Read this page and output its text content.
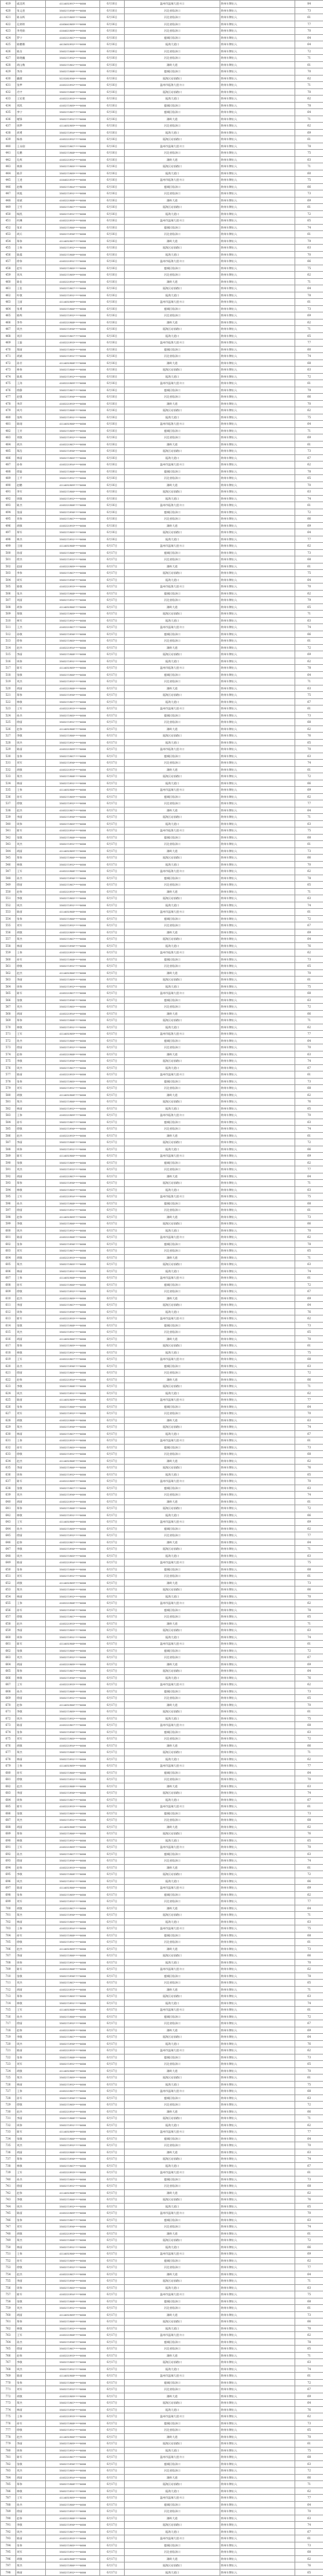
419	戚羽鸿	4114031997****0000	6月16日	温州市温瑞大道卡口	跨州车牌出入	84
420	张文进	3303271998****0000	6月16日	河北省临泽口	跨州车牌出入	73
421	陈永辉	4113271989****0000	6月16日	河北省临泽口	跨州车牌出入	61
422	孔婷婷	4103041989****0000	6月16日	河北省临泽口	跨州车牌出入	77
423	李秀娟	4104021989****0000	6月16日	河北省临泽口	跨州车牌出入	70
424	罗宁	4103221987****0000	6月16日	鹿城区临泽口	跨州车牌出入	64
425	陈鹏娜	4415031992****0000	6月16日	瓯海大道口	跨州车牌出入	64
426	陈洁	3303271988****0000	6月16日	河北省临泽口	跨州车牌出入	72
427	陈晓巍	3303271992****0000	6月16日	河北省临泽口	跨州车牌出入	71
428	胡山梅	3303271981****0000	6月16日	湖岭大道	跨州车牌出入	61
429	李涛	3303271988****0000	6月16日	鹿城区临泽口	跨州车牌出入	70
430	戴健	5223281990****0000	6月16日	瓯海区站前路口	跨州车牌出入	62
431	张梦	4103221992****0000	6月16日	温州市瓯海大道卡口	跨州车牌出入	71
432	肖宇	3303271988****0000	6月16日	瓯海区站前路口	跨州车牌出入	70
433	王宏建	4103221993****0000	6月16日	瓯海大道口	跨州车牌出入	62
434	刘凯	4103271989****0000	6月16日	鹿城区临泽口	跨州车牌出入	78
435	李宁	3303271987****0000	6月16日	鹿城区临泽口	跨州车牌出入	64
436	谢锋	3303271991****0000	6月16日	湖岭大道	跨州车牌出入	71
437	周梦	4114031989****0000	6月16日	河北省临泽口	跨州车牌出入	62
438	胡勇	3303271994****0000	6月16日	瓯海大道口	跨州车牌出入	69
439	杨春	4103221992****0000	6月16日	瓯海区站前路口	跨州车牌出入	61
440	王永刚	3303271987****0000	6月16日	温州市温瑞大道卡口	跨州车牌出入	78
441	孔鹏	3303271988****0000	6月16日	河北省临泽口	跨州车牌出入	75
442	孔辉	4103221992****0000	6月16日	湖岭大道	跨州车牌出入	63
443	林源	3303271985****0000	6月16日	瓯海区站前路口	跨州车牌出入	71
444	陈萍	3303271989****0000	6月16日	瓯海大道口	跨州车牌出入	60
445	王进	4104021993****0000	6月16日	温州市瓯海大道卡口	跨州车牌出入	75
446	赵梅	3303271984****0000	6月16日	鹿城区临泽口	跨州车牌出入	66
447	周旭	3303271991****0000	6月16日	河北省临泽口	跨州车牌出入	73
448	章斌	4103221988****0000	6月16日	湖岭大道	跨州车牌出入	69
449	王雪	3303271987****0000	6月16日	瓯海区站前路口	跨州车牌出入	61
450	杨凯	3303271991****0000	6月16日	瓯海大道口	跨州车牌出入	72
451	何琳	4103221993****0000	6月16日	温州市温瑞大道卡口	跨州车牌出入	65
452	张亚	3303271986****0000	6月16日	鹿城区临泽口	跨州车牌出入	74
453	胡兵	3303271990****0000	6月16日	河北省临泽口	跨州车牌出入	61
454	郑伟	4114031987****0000	6月16日	湖岭大道	跨州车牌出入	79
455	王伟	3303271992****0000	6月16日	瓯海区站前路口	跨州车牌出入	63
456	陈露	3303271988****0000	6月16日	瓯海大道口	跨州车牌出入	70
457	徐伟	4103221991****0000	6月16日	温州市瓯海大道卡口	跨州车牌出入	66
458	赵军	3303271985****0000	6月16日	鹿城区临泽口	跨州车牌出入	75
459	刘凤	3303271989****0000	6月16日	河北省临泽口	跨州车牌出入	62
460	陈佳	4103221994****0000	6月16日	湖岭大道	跨州车牌出入	71
461	王佳	3303271987****0000	6月16日	瓯海区站前路口	跨州车牌出入	64
462	叶敏	3303271991****0000	6月16日	瓯海大道口	跨州车牌出入	78
463	王丽	4114031989****0000	6月16日	温州市温瑞大道卡口	跨州车牌出入	61
464	张勇	3303271986****0000	6月16日	鹿城区临泽口	跨州车牌出入	73
465	陈辉	3303271992****0000	6月16日	河北省临泽口	跨州车牌出入	69
466	李华	4103221988****0000	6月16日	湖岭大道	跨州车牌出入	62
467	周杰	3303271990****0000	6月16日	瓯海区站前路口	跨州车牌出入	71
468	刘洋	3303271987****0000	6月16日	瓯海大道口	跨州车牌出入	65
469	王磊	4103221993****0000	6月16日	温州市瓯海大道卡口	跨州车牌出入	77
470	郑丽	3303271985****0000	6月16日	鹿城区临泽口	跨州车牌出入	60
471	胡斌	3303271991****0000	6月16日	河北省临泽口	跨州车牌出入	74
472	孙芳	4114031988****0000	6月16日	湖岭大道	跨州车牌出入	68
473	林伟	3303271986****0000	6月16日	瓯海区站前路口	跨州车牌出入	63
474	陈燕	3303271992****0000	6月16日	瓯海大道口	跨州车牌出入	72
475	王涛	4103221989****0000	6月16日	温州市温瑞大道卡口	跨州车牌出入	61
476	徐静	3303271987****0000	6月16日	鹿城区临泽口	跨州车牌出入	79
477	赵强	3303271990****0000	6月16日	河北省临泽口	跨州车牌出入	66
478	李萍	4103221993****0000	6月16日	湖岭大道	跨州车牌出入	70
479	周丹	3303271988****0000	6月16日	瓯海区站前路口	跨州车牌出入	62
480	张辉	3303271991****0000	6月16日	瓯海大道口	跨州车牌出入	75
481	陈刚	4114031986****0000	6月16日	温州市瓯海大道卡口	跨州车牌出入	64
482	王芳	3303271989****0000	6月16日	鹿城区临泽口	跨州车牌出入	71
483	刘敏	3303271992****0000	6月16日	河北省临泽口	跨州车牌出入	69
484	胡杰	4103221987****0000	6月16日	湖岭大道	跨州车牌出入	61
485	郑浩	3303271990****0000	6月16日	瓯海区站前路口	跨州车牌出入	73
486	林丽	3303271985****0000	6月16日	瓯海大道口	跨州车牌出入	67
487	孙伟	4103221994****0000	6月16日	温州市温瑞大道卡口	跨州车牌出入	62
488	徐磊	3303271988****0000	6月16日	鹿城区临泽口	跨州车牌出入	78
489	王平	3303271991****0000	6月16日	河北省临泽口	跨州车牌出入	65
490	赵鹏	4114031989****0000	6月16日	湖岭大道	跨州车牌出入	70
491	李军	3303271986****0000	6月16日	瓯海区站前路口	跨州车牌出入	63
492	周敏	3303271992****0000	6月16日	瓯海大道口	跨州车牌出入	74
493	陈杰	4103221988****0000	6月16日	温州市瓯海大道卡口	跨州车牌出入	61
494	张丽	3303271990****0000	6月16日	鹿城区临泽口	跨州车牌出入	72
495	刘伟	3303271987****0000	6月16日	河北省临泽口	跨州车牌出入	66
496	胡敏	4103221993****0000	6月16日	湖岭大道	跨州车牌出入	69
497	郑军	3303271985****0000	6月16日	瓯海区站前路口	跨州车牌出入	64
498	林杰	3303271991****0000	6月16日	瓯海大道口	跨州车牌出入	77
499	王刚	4114031988****0000	6月17日	温州市温瑞大道卡口	跨州车牌出入	62
500	孙丽	3303271986****0000	6月17日	鹿城区临泽口	跨州车牌出入	73
501	徐杰	3303271992****0000	6月17日	河北省临泽口	跨州车牌出入	68
502	赵丽	4103221989****0000	6月17日	湖岭大道	跨州车牌出入	61
503	李伟	3303271987****0000	6月17日	瓯海区站前路口	跨州车牌出入	75
504	周军	3303271990****0000	6月17日	瓯海大道口	跨州车牌出入	64
505	陈敏	4103221993****0000	6月17日	温州市瓯海大道卡口	跨州车牌出入	70
506	张杰	3303271988****0000	6月17日	鹿城区临泽口	跨州车牌出入	62
507	刘丽	3303271991****0000	6月17日	河北省临泽口	跨州车牌出入	79
508	胡伟	4114031986****0000	6月17日	湖岭大道	跨州车牌出入	65
509	郑敏	3303271989****0000	6月17日	瓯海区站前路口	跨州车牌出入	71
510	林军	3303271992****0000	6月17日	瓯海大道口	跨州车牌出入	63
511	王杰	4103221987****0000	6月17日	温州市温瑞大道卡口	跨州车牌出入	74
512	孙敏	3303271990****0000	6月17日	鹿城区临泽口	跨州车牌出入	66
513	徐伟	3303271985****0000	6月17日	河北省临泽口	跨州车牌出入	61
514	赵杰	4103221994****0000	6月17日	湖岭大道	跨州车牌出入	72
515	李丽	3303271988****0000	6月17日	瓯海区站前路口	跨州车牌出入	69
516	周伟	3303271991****0000	6月17日	瓯海大道口	跨州车牌出入	62
517	陈军	4114031989****0000	6月17日	温州市瓯海大道卡口	跨州车牌出入	78
518	张敏	3303271986****0000	6月17日	鹿城区临泽口	跨州车牌出入	64
519	刘杰	3303271992****0000	6月17日	河北省临泽口	跨州车牌出入	71
520	胡丽	4103221988****0000	6月17日	湖岭大道	跨州车牌出入	63
521	郑伟	3303271990****0000	6月17日	瓯海区站前路口	跨州车牌出入	75
522	林敏	3303271987****0000	6月17日	瓯海大道口	跨州车牌出入	67
523	王军	4103221993****0000	6月17日	温州市温瑞大道卡口	跨州车牌出入	61
524	孙杰	3303271985****0000	6月17日	鹿城区临泽口	跨州车牌出入	73
525	徐丽	3303271991****0000	6月17日	河北省临泽口	跨州车牌出入	68
526	赵伟	4114031988****0000	6月17日	湖岭大道	跨州车牌出入	62
527	李敏	3303271986****0000	6月17日	瓯海区站前路口	跨州车牌出入	76
528	周杰	3303271992****0000	6月17日	瓯海大道口	跨州车牌出入	65
529	陈丽	4103221989****0000	6月17日	温州市瓯海大道卡口	跨州车牌出入	70
530	张伟	3303271987****0000	6月17日	鹿城区临泽口	跨州车牌出入	63
531	刘军	3303271990****0000	6月17日	河北省临泽口	跨州车牌出入	74
532	胡敏	4103221993****0000	6月17日	湖岭大道	跨州车牌出入	61
533	郑杰	3303271988****0000	6月17日	瓯海区站前路口	跨州车牌出入	72
534	林丽	3303271991****0000	6月17日	瓯海大道口	跨州车牌出入	66
535	王伟	4114031986****0000	6月17日	温州市温瑞大道卡口	跨州车牌出入	69
536	孙军	3303271989****0000	6月17日	鹿城区临泽口	跨州车牌出入	62
537	徐敏	3303271992****0000	6月17日	河北省临泽口	跨州车牌出入	77
538	赵杰	4103221987****0000	6月17日	湖岭大道	跨州车牌出入	64
539	李丽	3303271990****0000	6月17日	瓯海区站前路口	跨州车牌出入	71
540	周伟	3303271985****0000	6月17日	瓯海大道口	跨州车牌出入	63
541	陈军	4103221994****0000	6月17日	温州市瓯海大道卡口	跨州车牌出入	75
542	张敏	3303271988****0000	6月17日	鹿城区临泽口	跨州车牌出入	68
543	刘杰	3303271991****0000	6月17日	河北省临泽口	跨州车牌出入	61
544	胡丽	4114031989****0000	6月17日	湖岭大道	跨州车牌出入	73
545	郑伟	3303271986****0000	6月17日	瓯海区站前路口	跨州车牌出入	66
546	林敏	3303271992****0000	6月17日	瓯海大道口	跨州车牌出入	70
547	王军	4103221988****0000	6月17日	温州市瓯海大道卡口	跨州车牌出入	62
548	孙杰	3303271990****0000	6月17日	鹿城区临泽口	跨州车牌出入	78
549	徐丽	3303271987****0000	6月17日	河北省临泽口	跨州车牌出入	65
550	赵伟	4103221993****0000	6月17日	湖岭大道	跨州车牌出入	71
551	李敏	3303271985****0000	6月17日	瓯海区站前路口	跨州车牌出入	63
552	周杰	3303271991****0000	6月17日	瓯海大道口	跨州车牌出入	74
553	陈丽	4114031988****0000	6月17日	温州市温瑞大道卡口	跨州车牌出入	61
554	张伟	3303271986****0000	6月17日	鹿城区临泽口	跨州车牌出入	72
555	刘军	3303271992****0000	6月17日	河北省临泽口	跨州车牌出入	67
556	胡敏	4103221989****0000	6月17日	湖岭大道	跨州车牌出入	69
557	郑杰	3303271987****0000	6月17日	瓯海区站前路口	跨州车牌出入	64
558	林丽	3303271990****0000	6月17日	瓯海大道口	跨州车牌出入	76
559	王伟	4103221993****0000	6月17日	温州市瓯海大道卡口	跨州车牌出入	62
560	孙军	3303271988****0000	6月17日	鹿城区临泽口	跨州车牌出入	73
561	徐敏	3303271991****0000	6月17日	河北省临泽口	跨州车牌出入	65
562	赵杰	4114031986****0000	6月17日	湖岭大道	跨州车牌出入	70
563	李丽	3303271989****0000	6月17日	瓯海区站前路口	跨州车牌出入	61
564	周伟	3303271992****0000	6月17日	瓯海大道口	跨州车牌出入	75
565	陈军	4103221987****0000	6月17日	温州市温瑞大道卡口	跨州车牌出入	68
566	张敏	3303271990****0000	6月17日	鹿城区临泽口	跨州车牌出入	63
567	刘杰	3303271985****0000	6月17日	河北省临泽口	跨州车牌出入	72
568	胡丽	4103221994****0000	6月17日	湖岭大道	跨州车牌出入	66
569	郑伟	3303271988****0000	6月17日	瓯海区站前路口	跨州车牌出入	71
570	林敏	3303271991****0000	6月17日	瓯海大道口	跨州车牌出入	62
571	王军	4114031989****0000	6月17日	温州市瓯海大道卡口	跨州车牌出入	77
572	孙杰	3303271986****0000	6月17日	鹿城区临泽口	跨州车牌出入	64
573	徐丽	3303271992****0000	6月17日	河北省临泽口	跨州车牌出入	70
574	赵伟	4103221988****0000	6月17日	湖岭大道	跨州车牌出入	63
575	李敏	3303271990****0000	6月17日	瓯海区站前路口	跨州车牌出入	74
576	周杰	3303271987****0000	6月17日	瓯海大道口	跨州车牌出入	67
577	陈丽	4103221993****0000	6月17日	温州市温瑞大道卡口	跨州车牌出入	61
578	张伟	3303271985****0000	6月17日	鹿城区临泽口	跨州车牌出入	73
579	刘军	3303271991****0000	6月17日	河北省临泽口	跨州车牌出入	68
580	胡敏	4114031988****0000	6月17日	湖岭大道	跨州车牌出入	62
581	郑杰	3303271986****0000	6月17日	瓯海区站前路口	跨州车牌出入	76
582	林丽	3303271992****0000	6月17日	瓯海大道口	跨州车牌出入	65
583	王伟	4103221989****0000	6月17日	温州市瓯海大道卡口	跨州车牌出入	70
584	孙军	3303271987****0000	6月17日	鹿城区临泽口	跨州车牌出入	63
585	徐敏	3303271990****0000	6月17日	河北省临泽口	跨州车牌出入	74
586	赵杰	4103221993****0000	6月17日	湖岭大道	跨州车牌出入	61
587	李丽	3303271988****0000	6月17日	瓯海区站前路口	跨州车牌出入	72
588	周伟	3303271991****0000	6月17日	瓯海大道口	跨州车牌出入	66
589	陈军	4114031986****0000	6月17日	温州市温瑞大道卡口	跨州车牌出入	69
590	张敏	3303271989****0000	6月17日	鹿城区临泽口	跨州车牌出入	62
591	刘杰	3303271992****0000	6月17日	河北省临泽口	跨州车牌出入	77
592	胡丽	4103221987****0000	6月17日	湖岭大道	跨州车牌出入	64
593	郑伟	3303271990****0000	6月17日	瓯海区站前路口	跨州车牌出入	71
594	林敏	3303271985****0000	6月17日	瓯海大道口	跨州车牌出入	63
595	王军	4103221994****0000	6月17日	温州市瓯海大道卡口	跨州车牌出入	75
596	孙杰	3303271988****0000	6月17日	鹿城区临泽口	跨州车牌出入	68
597	徐丽	3303271991****0000	6月17日	河北省临泽口	跨州车牌出入	61
598	赵伟	4114031989****0000	6月17日	湖岭大道	跨州车牌出入	73
599	李敏	3303271986****0000	6月17日	瓯海区站前路口	跨州车牌出入	66
600	周杰	3303271992****0000	6月17日	瓯海大道口	跨州车牌出入	70
601	陈丽	4103221988****0000	6月17日	温州市温瑞大道卡口	跨州车牌出入	62
602	张伟	3303271990****0000	6月17日	鹿城区临泽口	跨州车牌出入	78
603	刘军	3303271987****0000	6月17日	河北省临泽口	跨州车牌出入	65
604	胡敏	4103221993****0000	6月17日	湖岭大道	跨州车牌出入	71
605	郑杰	3303271985****0000	6月17日	瓯海区站前路口	跨州车牌出入	63
606	林丽	3303271991****0000	6月17日	瓯海大道口	跨州车牌出入	74
607	王伟	4114031988****0000	6月17日	温州市温瑞大道卡口	跨州车牌出入	61
608	孙军	3303271986****0000	6月17日	鹿城区临泽口	跨州车牌出入	72
609	徐敏	3303271992****0000	6月17日	河北省临泽口	跨州车牌出入	67
610	赵杰	4103221989****0000	6月17日	湖岭大道	跨州车牌出入	69
611	李丽	3303271987****0000	6月17日	瓯海区站前路口	跨州车牌出入	64
612	周伟	3303271990****0000	6月17日	瓯海大道口	跨州车牌出入	76
613	陈军	4103221993****0000	6月17日	温州市温瑞大道卡口	跨州车牌出入	62
614	张敏	3303271988****0000	6月17日	鹿城区临泽口	跨州车牌出入	73
615	刘杰	3303271991****0000	6月17日	河北省临泽口	跨州车牌出入	65
616	胡丽	4114031986****0000	6月17日	湖岭大道	跨州车牌出入	70
617	郑伟	3303271989****0000	6月17日	瓯海区站前路口	跨州车牌出入	61
618	林敏	3303271992****0000	6月17日	瓯海大道口	跨州车牌出入	75
619	王军	4103221987****0000	6月17日	温州市温瑞大道卡口	跨州车牌出入	68
620	孙杰	3303271990****0000	6月17日	鹿城区临泽口	跨州车牌出入	63
621	徐丽	3303271985****0000	6月17日	河北省临泽口	跨州车牌出入	72
622	赵伟	4103221994****0000	6月17日	湖岭大道	跨州车牌出入	66
623	李敏	3303271988****0000	6月17日	瓯海区站前路口	跨州车牌出入	71
624	周杰	3303271991****0000	6月17日	瓯海大道口	跨州车牌出入	62
625	陈丽	4114031989****0000	6月17日	温州市温瑞大道卡口	跨州车牌出入	77
626	张伟	3303271986****0000	6月17日	鹿城区临泽口	跨州车牌出入	64
627	刘军	3303271992****0000	6月17日	河北省临泽口	跨州车牌出入	70
628	胡敏	4103221988****0000	6月17日	湖岭大道	跨州车牌出入	63
629	郑杰	3303271990****0000	6月17日	瓯海区站前路口	跨州车牌出入	74
630	林丽	3303271987****0000	6月17日	瓯海大道口	跨州车牌出入	67
631	王伟	4103221993****0000	6月17日	温州市温瑞大道卡口	跨州车牌出入	61
632	孙军	3303271985****0000	6月17日	鹿城区临泽口	跨州车牌出入	73
633	徐敏	3303271991****0000	6月17日	河北省临泽口	跨州车牌出入	68
634	赵杰	4114031988****0000	6月17日	湖岭大道	跨州车牌出入	62
635	李丽	3303271986****0000	6月17日	瓯海区站前路口	跨州车牌出入	76
636	周伟	3303271992****0000	6月17日	瓯海大道口	跨州车牌出入	65
637	陈军	4103221989****0000	6月17日	温州市温瑞大道卡口	跨州车牌出入	70
638	张敏	3303271987****0000	6月17日	鹿城区临泽口	跨州车牌出入	63
639	刘杰	3303271990****0000	6月17日	河北省临泽口	跨州车牌出入	74
640	胡丽	4103221993****0000	6月17日	湖岭大道	跨州车牌出入	61
641	郑伟	3303271988****0000	6月17日	瓯海区站前路口	跨州车牌出入	72
642	林敏	3303271991****0000	6月17日	瓯海大道口	跨州车牌出入	66
643	王军	4114031986****0000	6月17日	温州市温瑞大道卡口	跨州车牌出入	69
644	孙杰	3303271989****0000	6月17日	鹿城区临泽口	跨州车牌出入	62
645	徐丽	3303271992****0000	6月17日	河北省临泽口	跨州车牌出入	77
646	赵伟	4103221987****0000	6月17日	湖岭大道	跨州车牌出入	64
647	李敏	3303271990****0000	6月17日	瓯海区站前路口	跨州车牌出入	71
648	周杰	3303271985****0000	6月17日	瓯海大道口	跨州车牌出入	63
649	陈丽	4103221994****0000	6月17日	温州市温瑞大道卡口	跨州车牌出入	75
650	张伟	3303271988****0000	6月17日	鹿城区临泽口	跨州车牌出入	68
651	刘军	3303271991****0000	6月17日	河北省临泽口	跨州车牌出入	61
652	胡敏	4114031989****0000	6月17日	湖岭大道	跨州车牌出入	73
653	郑杰	3303271986****0000	6月17日	瓯海区站前路口	跨州车牌出入	66
654	林丽	3303271992****0000	6月17日	瓯海大道口	跨州车牌出入	70
655	王伟	4103221988****0000	6月17日	温州市温瑞大道卡口	跨州车牌出入	62
656	孙军	3303271990****0000	6月17日	鹿城区临泽口	跨州车牌出入	78
657	徐敏	3303271987****0000	6月17日	河北省临泽口	跨州车牌出入	65
658	赵杰	4103221993****0000	6月17日	湖岭大道	跨州车牌出入	71
659	李丽	3303271985****0000	6月17日	瓯海区站前路口	跨州车牌出入	63
660	周伟	3303271991****0000	6月17日	瓯海大道口	跨州车牌出入	74
661	陈军	4114031988****0000	6月17日	温州市温瑞大道卡口	跨州车牌出入	61
662	张敏	3303271986****0000	6月17日	鹿城区临泽口	跨州车牌出入	72
663	刘杰	3303271992****0000	6月17日	河北省临泽口	跨州车牌出入	67
664	胡丽	4103221989****0000	6月17日	湖岭大道	跨州车牌出入	69
665	郑伟	3303271987****0000	6月17日	瓯海区站前路口	跨州车牌出入	64
666	林敏	3303271990****0000	6月17日	瓯海大道口	跨州车牌出入	76
667	王军	4103221993****0000	6月17日	温州市温瑞大道卡口	跨州车牌出入	62
668	孙杰	3303271988****0000	6月17日	鹿城区临泽口	跨州车牌出入	73
669	徐丽	3303271991****0000	6月17日	河北省临泽口	跨州车牌出入	65
670	赵伟	4114031986****0000	6月17日	湖岭大道	跨州车牌出入	70
671	李敏	3303271989****0000	6月17日	瓯海区站前路口	跨州车牌出入	61
672	周杰	3303271992****0000	6月17日	瓯海大道口	跨州车牌出入	75
673	陈丽	4103221987****0000	6月17日	温州市温瑞大道卡口	跨州车牌出入	68
674	张伟	3303271990****0000	6月17日	鹿城区临泽口	跨州车牌出入	63
675	刘军	3303271985****0000	6月17日	河北省临泽口	跨州车牌出入	72
676	胡敏	4103221994****0000	6月17日	湖岭大道	跨州车牌出入	66
677	郑杰	3303271988****0000	6月17日	瓯海区站前路口	跨州车牌出入	71
678	林丽	3303271991****0000	6月17日	瓯海大道口	跨州车牌出入	62
679	王伟	4114031989****0000	6月17日	温州市温瑞大道卡口	跨州车牌出入	77
680	孙军	3303271986****0000	6月17日	鹿城区临泽口	跨州车牌出入	64
681	徐敏	3303271992****0000	6月17日	河北省临泽口	跨州车牌出入	70
682	赵杰	4103221988****0000	6月17日	湖岭大道	跨州车牌出入	63
683	李丽	3303271990****0000	6月17日	瓯海区站前路口	跨州车牌出入	74
684	周伟	3303271987****0000	6月17日	瓯海大道口	跨州车牌出入	67
685	陈军	4103221993****0000	6月17日	温州市温瑞大道卡口	跨州车牌出入	61
686	张敏	3303271985****0000	6月17日	鹿城区临泽口	跨州车牌出入	73
687	刘杰	3303271991****0000	6月17日	河北省临泽口	跨州车牌出入	68
688	胡丽	4114031988****0000	6月17日	湖岭大道	跨州车牌出入	62
689	郑伟	3303271986****0000	6月17日	瓯海区站前路口	跨州车牌出入	76
690	林敏	3303271992****0000	6月17日	瓯海大道口	跨州车牌出入	65
691	王军	4103221989****0000	6月17日	温州市温瑞大道卡口	跨州车牌出入	70
692	孙杰	3303271987****0000	6月17日	鹿城区临泽口	跨州车牌出入	63
693	徐丽	3303271990****0000	6月17日	河北省临泽口	跨州车牌出入	74
694	赵伟	4103221993****0000	6月17日	湖岭大道	跨州车牌出入	61
695	李敏	3303271988****0000	6月17日	瓯海区站前路口	跨州车牌出入	72
696	周杰	3303271991****0000	6月17日	瓯海大道口	跨州车牌出入	66
697	陈丽	4114031986****0000	6月17日	温州市温瑞大道卡口	跨州车牌出入	69
698	张伟	3303271989****0000	6月17日	鹿城区临泽口	跨州车牌出入	62
699	刘军	3303271992****0000	6月17日	河北省临泽口	跨州车牌出入	77
700	胡敏	4103221987****0000	6月17日	湖岭大道	跨州车牌出入	64
701	郑杰	3303271990****0000	6月17日	瓯海区站前路口	跨州车牌出入	71
702	林丽	3303271985****0000	6月17日	瓯海大道口	跨州车牌出入	63
703	王伟	4103221994****0000	6月17日	温州市温瑞大道卡口	跨州车牌出入	75
704	孙军	3303271988****0000	6月17日	鹿城区临泽口	跨州车牌出入	68
705	徐敏	3303271991****0000	6月17日	河北省临泽口	跨州车牌出入	61
706	赵杰	4114031989****0000	6月17日	湖岭大道	跨州车牌出入	73
707	李丽	3303271986****0000	6月17日	瓯海区站前路口	跨州车牌出入	66
708	周伟	3303271992****0000	6月17日	瓯海大道口	跨州车牌出入	70
709	陈军	4103221988****0000	6月17日	温州市温瑞大道卡口	跨州车牌出入	62
710	张敏	3303271990****0000	6月17日	鹿城区临泽口	跨州车牌出入	78
711	刘杰	3303271987****0000	6月17日	河北省临泽口	跨州车牌出入	65
712	胡丽	4103221993****0000	6月17日	湖岭大道	跨州车牌出入	71
713	郑伟	3303271985****0000	6月17日	瓯海区站前路口	跨州车牌出入	63
714	林敏	3303271991****0000	6月17日	瓯海大道口	跨州车牌出入	74
715	王军	4114031988****0000	6月17日	温州市温瑞大道卡口	跨州车牌出入	61
716	孙杰	3303271986****0000	6月17日	鹿城区临泽口	跨州车牌出入	72
717	徐丽	3303271992****0000	6月17日	河北省临泽口	跨州车牌出入	67
718	赵伟	4103221989****0000	6月17日	湖岭大道	跨州车牌出入	69
719	李敏	3303271987****0000	6月17日	瓯海区站前路口	跨州车牌出入	64
720	周杰	3303271990****0000	6月17日	瓯海大道口	跨州车牌出入	76
721	陈丽	4103221993****0000	6月17日	温州市温瑞大道卡口	跨州车牌出入	62
722	张伟	3303271988****0000	6月17日	鹿城区临泽口	跨州车牌出入	73
723	刘军	3303271991****0000	6月17日	河北省临泽口	跨州车牌出入	65
724	胡敏	4114031986****0000	6月17日	湖岭大道	跨州车牌出入	70
725	郑杰	3303271989****0000	6月17日	瓯海区站前路口	跨州车牌出入	61
726	林丽	3303271992****0000	6月17日	瓯海大道口	跨州车牌出入	75
727	王伟	4103221987****0000	6月17日	温州市温瑞大道卡口	跨州车牌出入	68
728	孙军	3303271990****0000	6月17日	鹿城区临泽口	跨州车牌出入	63
729	徐敏	3303271985****0000	6月17日	河北省临泽口	跨州车牌出入	72
730	赵杰	4103221994****0000	6月17日	湖岭大道	跨州车牌出入	66
731	李丽	3303271988****0000	6月17日	瓯海区站前路口	跨州车牌出入	71
732	周伟	3303271991****0000	6月17日	瓯海大道口	跨州车牌出入	62
733	陈军	4114031989****0000	6月17日	温州市温瑞大道卡口	跨州车牌出入	77
734	张敏	3303271986****0000	6月17日	鹿城区临泽口	跨州车牌出入	64
735	刘杰	3303271992****0000	6月17日	河北省临泽口	跨州车牌出入	70
736	胡丽	4103221988****0000	6月17日	湖岭大道	跨州车牌出入	63
737	郑伟	3303271990****0000	6月17日	瓯海区站前路口	跨州车牌出入	74
738	林敏	3303271987****0000	6月17日	瓯海大道口	跨州车牌出入	67
739	王军	4103221993****0000	6月17日	温州市温瑞大道卡口	跨州车牌出入	61
740	孙杰	3303271985****0000	6月17日	鹿城区临泽口	跨州车牌出入	73
741	徐丽	3303271991****0000	6月17日	河北省临泽口	跨州车牌出入	68
742	赵伟	4114031988****0000	6月17日	湖岭大道	跨州车牌出入	62
743	李敏	3303271986****0000	6月17日	瓯海区站前路口	跨州车牌出入	76
744	周杰	3303271992****0000	6月17日	瓯海大道口	跨州车牌出入	65
745	陈丽	4103221989****0000	6月17日	温州市温瑞大道卡口	跨州车牌出入	70
746	张伟	3303271987****0000	6月17日	鹿城区临泽口	跨州车牌出入	63
747	刘军	3303271990****0000	6月17日	河北省临泽口	跨州车牌出入	74
748	胡敏	4103221993****0000	6月17日	湖岭大道	跨州车牌出入	61
749	郑杰	3303271988****0000	6月17日	瓯海区站前路口	跨州车牌出入	72
750	林丽	3303271991****0000	6月17日	瓯海大道口	跨州车牌出入	66
751	王伟	4114031986****0000	6月17日	温州市温瑞大道卡口	跨州车牌出入	69
752	孙军	3303271989****0000	6月17日	鹿城区临泽口	跨州车牌出入	62
753	徐敏	3303271992****0000	6月17日	河北省临泽口	跨州车牌出入	77
754	赵杰	4103221987****0000	6月17日	湖岭大道	跨州车牌出入	64
755	李丽	3303271990****0000	6月17日	瓯海区站前路口	跨州车牌出入	71
756	周伟	3303271985****0000	6月17日	瓯海大道口	跨州车牌出入	63
757	陈军	4103221994****0000	6月17日	温州市温瑞大道卡口	跨州车牌出入	75
758	张敏	3303271988****0000	6月17日	鹿城区临泽口	跨州车牌出入	68
759	刘杰	3303271991****0000	6月17日	河北省临泽口	跨州车牌出入	61
760	胡丽	4114031989****0000	6月17日	湖岭大道	跨州车牌出入	73
761	郑伟	3303271986****0000	6月17日	瓯海区站前路口	跨州车牌出入	66
762	林敏	3303271992****0000	6月17日	瓯海大道口	跨州车牌出入	70
763	王军	4103221988****0000	6月17日	温州市温瑞大道卡口	跨州车牌出入	62
764	孙杰	3303271990****0000	6月17日	鹿城区临泽口	跨州车牌出入	78
765	徐丽	3303271987****0000	6月17日	河北省临泽口	跨州车牌出入	65
766	赵伟	4103221993****0000	6月17日	湖岭大道	跨州车牌出入	71
767	李敏	3303271985****0000	6月17日	瓯海区站前路口	跨州车牌出入	63
768	周杰	3303271991****0000	6月17日	瓯海大道口	跨州车牌出入	74
769	陈丽	4114031988****0000	6月17日	温州市温瑞大道卡口	跨州车牌出入	61
770	张伟	3303271986****0000	6月17日	鹿城区临泽口	跨州车牌出入	72
771	刘军	3303271992****0000	6月17日	河北省临泽口	跨州车牌出入	67
772	胡敏	4103221989****0000	6月17日	湖岭大道	跨州车牌出入	69
773	郑杰	3303271987****0000	6月17日	瓯海区站前路口	跨州车牌出入	64
774	林丽	3303271990****0000	6月17日	瓯海大道口	跨州车牌出入	76
775	王伟	4103221993****0000	6月17日	温州市温瑞大道卡口	跨州车牌出入	62
776	孙军	3303271988****0000	6月17日	鹿城区临泽口	跨州车牌出入	73
777	徐敏	3303271991****0000	6月17日	河北省临泽口	跨州车牌出入	65
778	赵杰	4114031986****0000	6月17日	湖岭大道	跨州车牌出入	70
779	李丽	3303271989****0000	6月17日	瓯海区站前路口	跨州车牌出入	61
780	周伟	3303271992****0000	6月17日	瓯海大道口	跨州车牌出入	75
781	陈军	4103221987****0000	6月17日	温州市温瑞大道卡口	跨州车牌出入	68
782	张敏	3303271990****0000	6月17日	鹿城区临泽口	跨州车牌出入	63
783	刘杰	3303271985****0000	6月17日	河北省临泽口	跨州车牌出入	72
784	胡丽	4103221994****0000	6月17日	湖岭大道	跨州车牌出入	66
785	郑伟	3303271988****0000	6月17日	瓯海区站前路口	跨州车牌出入	71
786	林敏	3303271991****0000	6月17日	瓯海大道口	跨州车牌出入	62
787	王军	4114031989****0000	6月17日	温州市温瑞大道卡口	跨州车牌出入	77
788	孙杰	3303271986****0000	6月17日	鹿城区临泽口	跨州车牌出入	64
789	徐丽	3303271992****0000	6月17日	河北省临泽口	跨州车牌出入	70
790	赵伟	4103221988****0000	6月17日	湖岭大道	跨州车牌出入	63
791	李敏	3303271990****0000	6月17日	瓯海区站前路口	跨州车牌出入	74
792	周杰	3303271987****0000	6月17日	瓯海大道口	跨州车牌出入	67
793	陈丽	4103221993****0000	6月17日	温州市温瑞大道卡口	跨州车牌出入	61
794	张伟	3303271985****0000	6月17日	鹿城区临泽口	跨州车牌出入	73
795	刘军	3303271991****0000	6月17日	河北省临泽口	跨州车牌出入	68
796	胡敏	4114031988****0000	6月17日	湖岭大道	跨州车牌出入	62
797	郑杰	3303271986****0000	6月17日	瓯海区站前路口	跨州车牌出入	76
798	林丽	3303271992****0000	6月17日	瓯海大道口	跨州车牌出入	65
